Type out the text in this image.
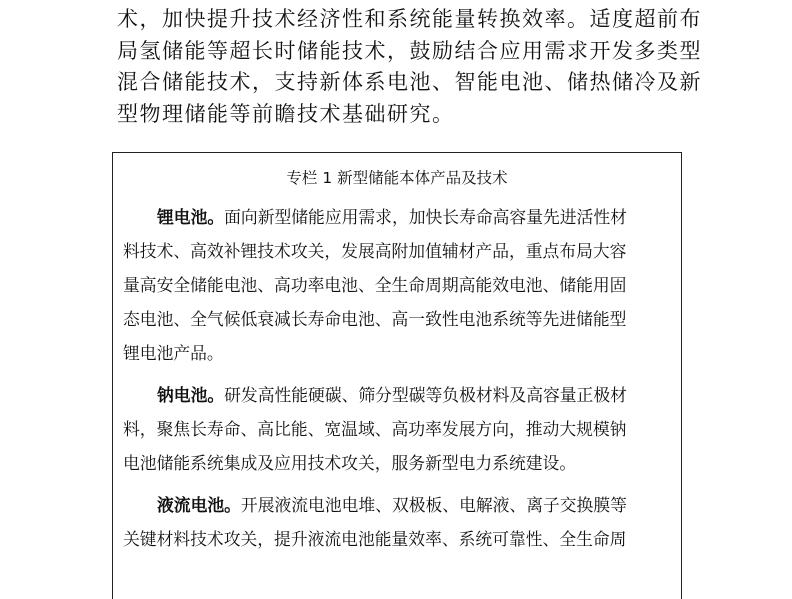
术，加快提升技术经济性和系统能量转换效率。适度超前布
局氢储能等超长时储能技术，鼓励结合应用需求开发多类型
混合储能技术，支持新体系电池、智能电池、储热储冷及新
型物理储能等前瞻技术基础研究。
专栏 1 新型储能本体产品及技术
锂电池。面向新型储能应用需求，加快长寿命高容量先进活性材
料技术、高效补锂技术攻关，发展高附加值辅材产品，重点布局大容
量高安全储能电池、高功率电池、全生命周期高能效电池、储能用固
态电池、全气候低衰减长寿命电池、高一致性电池系统等先进储能型
锂电池产品。
钠电池。研发高性能硬碳、筛分型碳等负极材料及高容量正极材
料，聚焦长寿命、高比能、宽温域、高功率发展方向，推动大规模钠
电池储能系统集成及应用技术攻关，服务新型电力系统建设。
液流电池。开展液流电池电堆、双极板、电解液、离子交换膜等
关键材料技术攻关，提升液流电池能量效率、系统可靠性、全生命周
